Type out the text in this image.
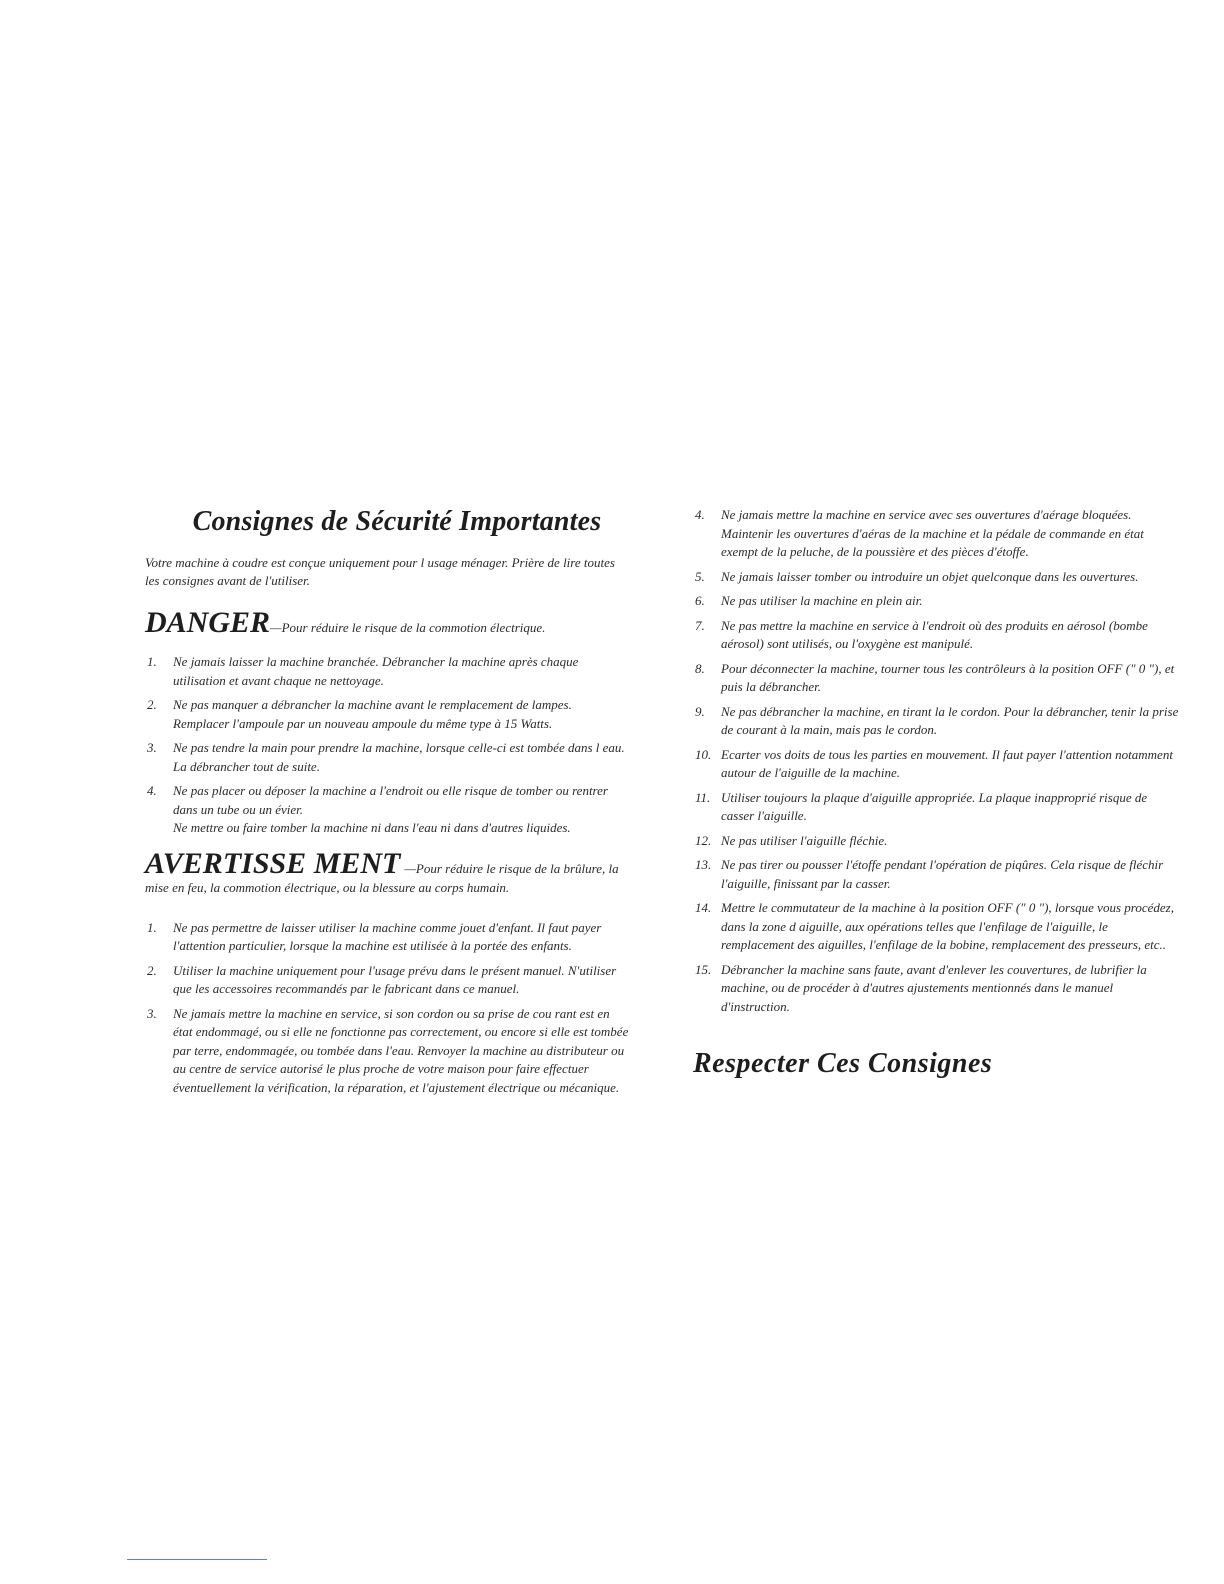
Consignes de Sécurité Importantes

Votre machine à coudre est conçue uniquement pour l usage ménager. Prière de lire toutes les consignes avant de l'utiliser.

DANGER—Pour réduire le risque de la commotion électrique.
1. Ne jamais laisser la machine branchée. Débrancher la machine après chaque utilisation et avant chaque ne nettoyage.
2. Ne pas manquer a débrancher la machine avant le remplacement de lampes. Remplacer l'ampoule par un nouveau ampoule du même type à 15 Watts.
3. Ne pas tendre la main pour prendre la machine, lorsque celle-ci est tombée dans l eau. La débrancher tout de suite.
4. Ne pas placer ou déposer la machine a l'endroit ou elle risque de tomber ou rentrer dans un tube ou un évier.
Ne mettre ou faire tomber la machine ni dans l'eau ni dans d'autres liquides.
AVERTISSE MENT —Pour réduire le risque de la brûlure, la mise en feu, la commotion électrique, ou la blessure au corps humain.
1. Ne pas permettre de laisser utiliser la machine comme jouet d'enfant. Il faut payer l'attention particulier, lorsque la machine est utilisée à la portée des enfants.
2. Utiliser la machine uniquement pour l'usage prévu dans le présent manuel. N'utiliser que les accessoires recommandés par le fabricant dans ce manuel.
3. Ne jamais mettre la machine en service, si son cordon ou sa prise de cou rant est en état endommagé, ou si elle ne fonctionne pas correctement, ou encore si elle est tombée par terre, endommagée, ou tombée dans l'eau. Renvoyer la machine au distributeur ou au centre de service autorisé le plus proche de votre maison pour faire effectuer éventuellement la vérification, la réparation, et l'ajustement électrique ou mécanique.
4. Ne jamais mettre la machine en service avec ses ouvertures d'aérage bloquées. Maintenir les ouvertures d'aéras de la machine et la pédale de commande en état exempt de la peluche, de la poussière et des pièces d'étoffe.
5. Ne jamais laisser tomber ou introduire un objet quelconque dans les ouvertures.
6. Ne pas utiliser la machine en plein air.
7. Ne pas mettre la machine en service à l'endroit où des produits en aérosol (bombe aérosol) sont utilisés, ou l'oxygène est manipulé.
8. Pour déconnecter la machine, tourner tous les contrôleurs à la position OFF (" 0 "), et puis la débrancher.
9. Ne pas débrancher la machine, en tirant la le cordon. Pour la débrancher, tenir la prise de courant à la main, mais pas le cordon.
10. Ecarter vos doits de tous les parties en mouvement. Il faut payer l'attention notamment autour de l'aiguille de la machine.
11. Utiliser toujours la plaque d'aiguille appropriée. La plaque inapproprié risque de casser l'aiguille.
12. Ne pas utiliser l'aiguille fléchie.
13. Ne pas tirer ou pousser l'étoffe pendant l'opération de piqûres. Cela risque de fléchir l'aiguille, finissant par la casser.
14. Mettre le commutateur de la machine à la position OFF (" 0 "), lorsque vous procédez, dans la zone d aiguille, aux opérations telles que l'enfilage de l'aiguille, le remplacement des aiguilles, l'enfilage de la bobine, remplacement des presseurs, etc..
15. Débrancher la machine sans faute, avant d'enlever les couvertures, de lubrifier la machine, ou de procéder à d'autres ajustements mentionnés dans le manuel d'instruction.
Respecter Ces Consignes
